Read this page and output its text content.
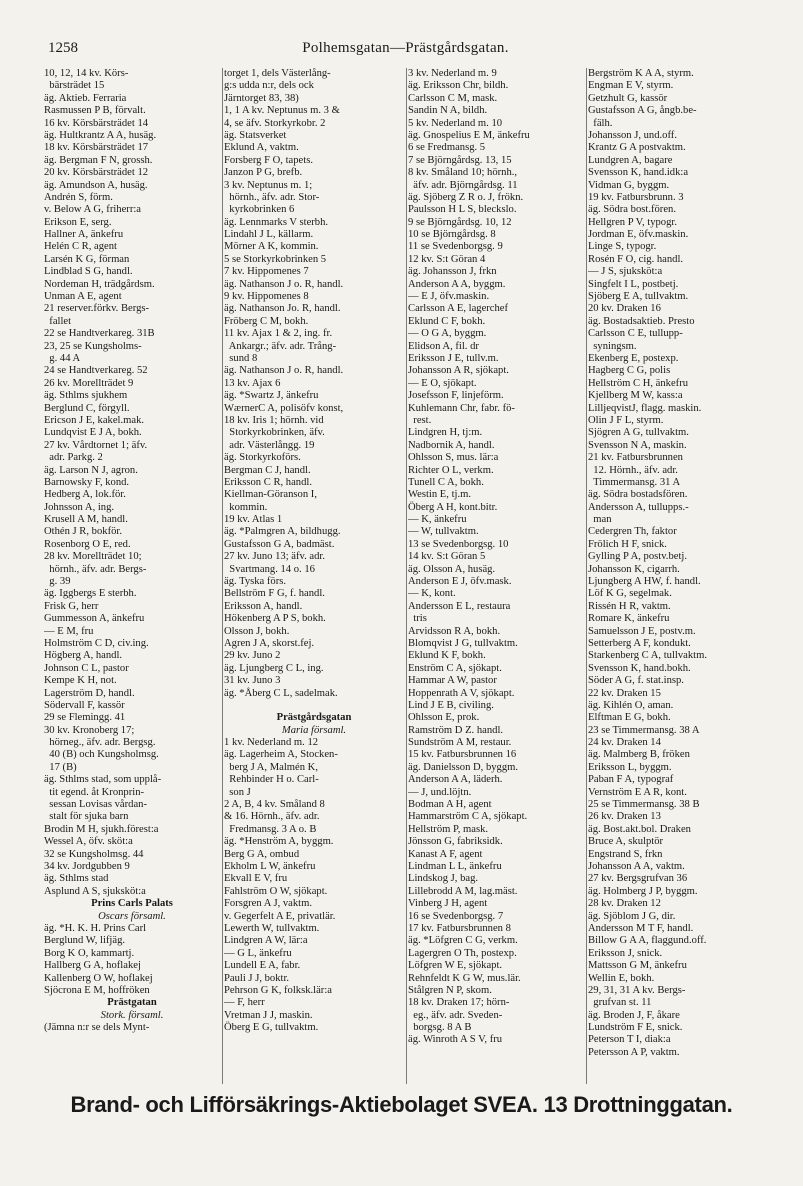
1258	Polhemsgatan—Prästgårdsgatan.
10, 12, 14 kv. Körs-
bärsträdet 15
äg. Aktieb. Ferraria
Rasmussen P B, förvalt.
16 kv. Körsbärsträdet 14
äg. Hultkrantz A A, husäg.
18 kv. Körsbärsträdet 17
äg. Bergman F N, grossh.
20 kv. Körsbärsträdet 12
äg. Amundson A, husäg.
Andrén S, förm.
v. Below A G, friherr:a
Erikson E, serg.
Hallner A, änkefru
Helén C R, agent
Larsén K G, förman
Lindblad S G, handl.
Nordeman H, trädgårdsm.
Unman A E, agent
21 reserver.förkv. Bergs-
fallet
22 se Handtverkareg. 31B
23, 25 se Kungsholms-
g. 44 A
24 se Handtverkareg. 52
26 kv. Morellträdet 9
äg. Sthlms sjukhem
Berglund C, förgyll.
Ericson J E, kakel.mak.
Lundqvist E J A, bokh.
27 kv. Vårdtornet 1; äfv.
adr. Parkg. 2
äg. Larson N J, agron.
Barnowsky F, kond.
Hedberg A, lok.för.
Johnsson A, ing.
Krusell A M, handl.
Othén J R, bokför.
Rosenborg O E, red.
28 kv. Morellträdet 10;
hörnh., äfv. adr. Bergs-
g. 39
äg. Iggbergs E sterbh.
Frisk G, herr
Gummesson A, änkefru
— E M, fru
Holmström C D, civ.ing.
Högberg A, handl.
Johnson C L, pastor
Kempe K H, not.
Lagerström D, handl.
Södervall F, kassör
29 se Flemingg. 41
30 kv. Kronoberg 17;
hörneg., äfv. adr. Bergsg.
40 (B) och Kungsholmsg.
17 (B)
äg. Sthlms stad, som upplå-
tit egend. åt Kronprin-
sessan Lovisas vårdan-
stalt för sjuka barn
Brodin M H, sjukh.förest:a
Wessel A, öfv. sköt:a
32 se Kungsholmsg. 44
34 kv. Jordgubben 9
äg. Sthlms stad
Asplund A S, sjuksköt:a
Prins Carls Palats
Oscars församl.
äg. *H. K. H. Prins Carl
Berglund W, lifjäg.
Borg K O, kammartj.
Hallberg G A, hoflakej
Kallenberg O W, hoflakej
Sjöcrona E M, hoffröken
Prästgatan
Stork. församl.
(Jämna n:r se dels Mynt-
torget 1, dels Västerlång-
g:s udda n:r, dels ock
Järntorget 83, 38)
1, 1 A kv. Neptunus m. 3 &
4, se äfv. Storkyrkobr. 2
äg. Statsverket
Eklund A, vaktm.
Forsberg F O, tapets.
Janzon P G, brefb.
3 kv. Neptunus m. 1;
hörnh., äfv. adr. Stor-
kyrkobrinken 6
äg. Lennmarks V sterbh.
Lindahl J L, källarm.
Mörner A K, kommin.
5 se Storkyrkobrinken 5
7 kv. Hippomenes 7
äg. Nathanson J o. R, handl.
9 kv. Hippomenes 8
äg. Nathanson Jo. R, handl.
Fröberg C M, bokh.
11 kv. Ajax 1 & 2, ing. fr.
Ankargr.; äfv. adr. Trång-
sund 8
äg. Nathanson J o. R, handl.
13 kv. Ajax 6
äg. *Swartz J, änkefru
WærnerC A, polisöfv konst,
18 kv. Iris 1; hörnh. vid
Storkyrkobrinken, äfv.
adr. Västerlångg. 19
äg. Storkyrkoförs.
Bergman C J, handl.
Eriksson C R, handl.
Kiellman-Göranson I,
kommin.
19 kv. Atlas 1
äg. *Palmgren A, bildhugg.
Gustafsson G A, badmäst.
27 kv. Juno 13; äfv. adr.
Svartmang. 14 o. 16
äg. Tyska förs.
Bellström F G, f. handl.
Eriksson A, handl.
Hökenberg A P S, bokh.
Olsson J, bokh.
Agren J A, skorst.fej.
29 kv. Juno 2
äg. Ljungberg C L, ing.
31 kv. Juno 3
äg. *Åberg C L, sadelmak.
Prästgårdsgatan
Maria församl.
1 kv. Nederland m. 12
äg. Lagerheim A, Stocken-
berg J A, Malmén K,
Rehbinder H o. Carl-
son J
2 A, B, 4 kv. Småland 8
& 16. Hörnh., äfv. adr.
Fredmansg. 3 A o. B
äg. *Henström A, byggm.
Berg G A, ombud
Ekholm L W, änkefru
Ekvall E V, fru
Fahlström O W, sjökapt.
Forsgren A J, vaktm.
v. Gegerfelt A E, privatlär.
Lewerth W, tullvaktm.
Lindgren A W, lär:a
— G L, änkefru
Lundell E A, fabr.
Pauli J J, boktr.
Pehrson G K, folksk.lär:a
— F, herr
Vretman J J, maskin.
Öberg E G, tullvaktm.
3 kv. Nederland m. 9
äg. Eriksson Chr, bildh.
Carlsson C M, mask.
Sandin N A, bildh.
5 kv. Nederland m. 10
äg. Gnospelius E M, änkefru
6 se Fredmansg. 5
7 se Björngårdsg. 13, 15
8 kv. Småland 10; hörnh.,
äfv. adr. Björngårdsg. 11
äg. Sjöberg Z R o. J, frökn.
Paulsson H L S, bleckslo.
9 se Björngårdsg. 10, 12
10 se Björngårdsg. 8
11 se Svedenborgsg. 9
12 kv. S:t Göran 4
äg. Johansson J, frkn
Anderson A A, byggm.
— E J, öfv.maskin.
Carlsson A E, lagerchef
Eklund C F, bokh.
— O G A, byggm.
Elidson A, fil. dr
Eriksson J E, tullv.m.
Johansson A R, sjökapt.
— E O, sjökapt.
Josefsson F, linjeförm.
Kuhlemann Chr, fabr. fö-
rest.
Lindgren H, tj:m.
Nadbornik A, handl.
Ohlsson S, mus. lär:a
Richter O L, verkm.
Tunell C A, bokh.
Westin E, tj.m.
Öberg A H, kont.bitr.
— K, änkefru
— W, tullvaktm.
13 se Svedenborgsg. 10
14 kv. S:t Göran 5
äg. Olsson A, husäg.
Anderson E J, öfv.mask.
— K, kont.
Andersson E L, restaura
tris
Arvidsson R A, bokh.
Blomqvist J G, tullvaktm.
Eklund K F, bokh.
Enström C A, sjökapt.
Hammar A W, pastor
Hoppenrath A V, sjökapt.
Lind J E B, civiling.
Ohlsson E, prok.
Ramström D Z. handl.
Sundström A M, restaur.
15 kv. Fatbursbrunnen 16
äg. Danielsson D, byggm.
Anderson A A, läderh.
— J, und.löjtn.
Bodman A H, agent
Hammarström C A, sjökapt.
Hellström P, mask.
Jönsson G, fabriksidk.
Kanast A F, agent
Lindman L L, änkefru
Lindskog J, bag.
Lillebrodd A M, lag.mäst.
Vinberg J H, agent
16 se Svedenborgsg. 7
17 kv. Fatbursbrunnen 8
äg. *Löfgren C G, verkm.
Lagergren O Th, postexp.
Löfgren W E, sjökapt.
Rehnfeldt K G W, mus.lär.
Stålgren N P, skom.
18 kv. Draken 17; hörn-
eg., äfv. adr. Sveden-
borgsg. 8 A B
äg. Winroth A S V, fru
Bergström K A A, styrm.
Engman E V, styrm.
Getzhult G, kassör
Gustafsson A G, ångb.be-
fälh.
Johansson J, und.off.
Krantz G A postvaktm.
Lundgren A, bagare
Svensson K, hand.idk:a
Vidman G, byggm.
19 kv. Fatbursbrunn. 3
äg. Södra bost.fören.
Hellgren P V, typogr.
Jordman E, öfv.maskin.
Linge S, typogr.
Rosén F O, cig. handl.
— J S, sjuksköt:a
Singfelt I L, postbetj.
Sjöberg E A, tullvaktm.
20 kv. Draken 16
äg. Bostadsaktieb. Presto
Carlsson C E, tullupp-
syningsm.
Ekenberg E, postexp.
Hagberg C G, polis
Hellström C H, änkefru
Kjellberg M W, kass:a
LilljeqvistJ, flagg. maskin.
Olin J F L, styrm.
Sjögren A G, tullvaktm.
Svensson N A, maskin.
21 kv. Fatbursbrunnen
12. Hörnh., äfv. adr.
Timmermansg. 31 A
äg. Södra bostadsfören.
Andersson A, tullupps.-
man
Cedergren Th, faktor
Frölich H F, snick.
Gylling P A, postv.betj.
Johansson K, cigarrh.
Ljungberg A HW, f. handl.
Löf K G, segelmak.
Rissén H R, vaktm.
Romare K, änkefru
Samuelsson J E, postv.m.
Setterberg A F, kondukt.
Starkenberg C A, tullvaktm.
Svensson K, hand.bokh.
Söder A G, f. stat.insp.
22 kv. Draken 15
äg. Kihlén O, aman.
Elftman E G, bokh.
23 se Timmermansg. 38 A
24 kv. Draken 14
äg. Malmberg B, fröken
Eriksson L, byggm.
Paban F A, typograf
Vernström E A R, kont.
25 se Timmermansg. 38 B
26 kv. Draken 13
äg. Bost.akt.bol. Draken
Bruce A, skulptör
Engstrand S, frkn
Johansson A A, vaktm.
27 kv. Bergsgrufvan 36
äg. Holmberg J P, byggm.
28 kv. Draken 12
äg. Sjöblom J G, dir.
Andersson M T F, handl.
Billow G A A, flaggund.off.
Eriksson J, snick.
Mattsson G M, änkefru
Wellin E, bokh.
29, 31, 31 A kv. Bergs-
grufvan st. 11
äg. Broden J, F, åkare
Lundström F E, snick.
Peterson T I, diak:a
Petersson A P, vaktm.
Brand- och Lifförsäkrings-Aktiebolaget SVEA. 13 Drottninggatan.
